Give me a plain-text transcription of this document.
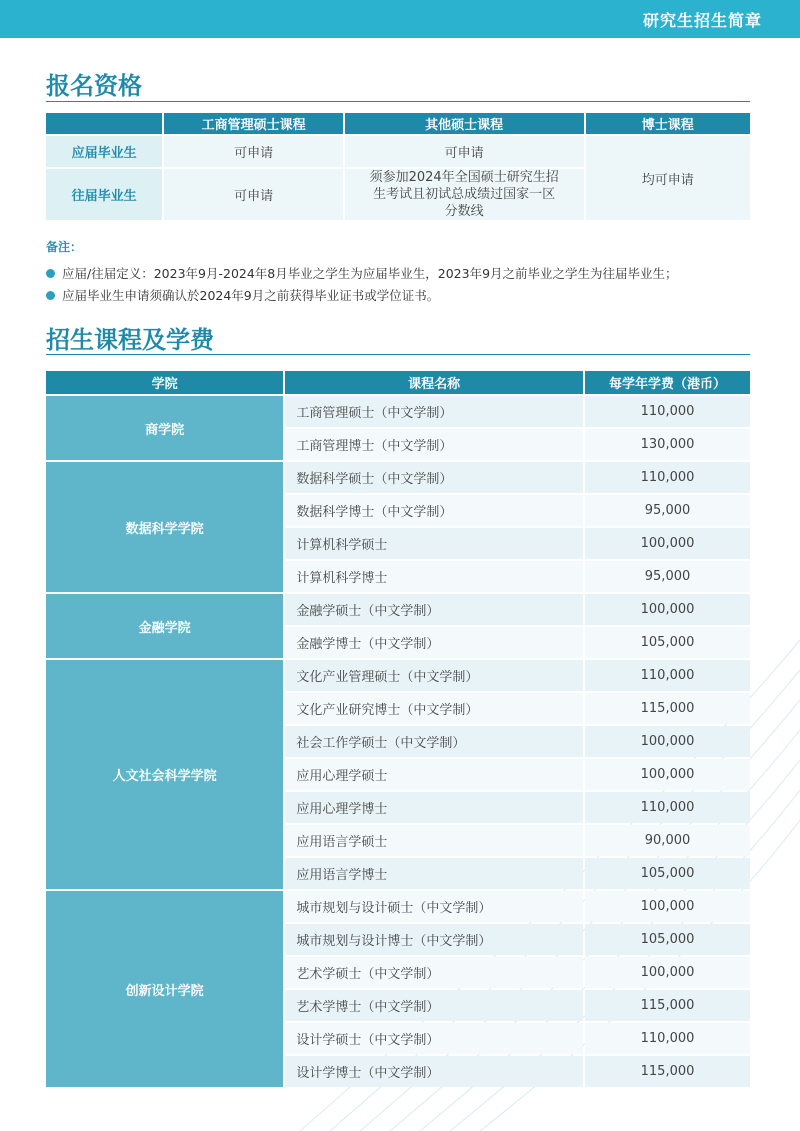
研究生招生简章
报名资格
	工商管理硕士课程	其他硕士课程	博士课程
应届毕业生	可申请	可申请	均可申请
往届毕业生	可申请	须参加2024年全国硕士研究生招生考试且初试总成绩过国家一区分数线	
备注：
应届/往届定义：2023年9月-2024年8月毕业之学生为应届毕业生，2023年9月之前毕业之学生为往届毕业生；
应届毕业生申请须确认於2024年9月之前获得毕业证书或学位证书。
招生课程及学费
学院	课程名称	每学年学费（港币）
商学院	工商管理硕士（中文学制）	110,000
	工商管理博士（中文学制）	130,000
数据科学学院	数据科学硕士（中文学制）	110,000
	数据科学博士（中文学制）	95,000
	计算机科学硕士	100,000
	计算机科学博士	95,000
金融学院	金融学硕士（中文学制）	100,000
	金融学博士（中文学制）	105,000
人文社会科学学院	文化产业管理硕士（中文学制）	110,000
	文化产业研究博士（中文学制）	115,000
	社会工作学硕士（中文学制）	100,000
	应用心理学硕士	100,000
	应用心理学博士	110,000
	应用语言学硕士	90,000
	应用语言学博士	105,000
创新设计学院	城市规划与设计硕士（中文学制）	100,000
	城市规划与设计博士（中文学制）	105,000
	艺术学硕士（中文学制）	100,000
	艺术学博士（中文学制）	115,000
	设计学硕士（中文学制）	110,000
	设计学博士（中文学制）	115,000
